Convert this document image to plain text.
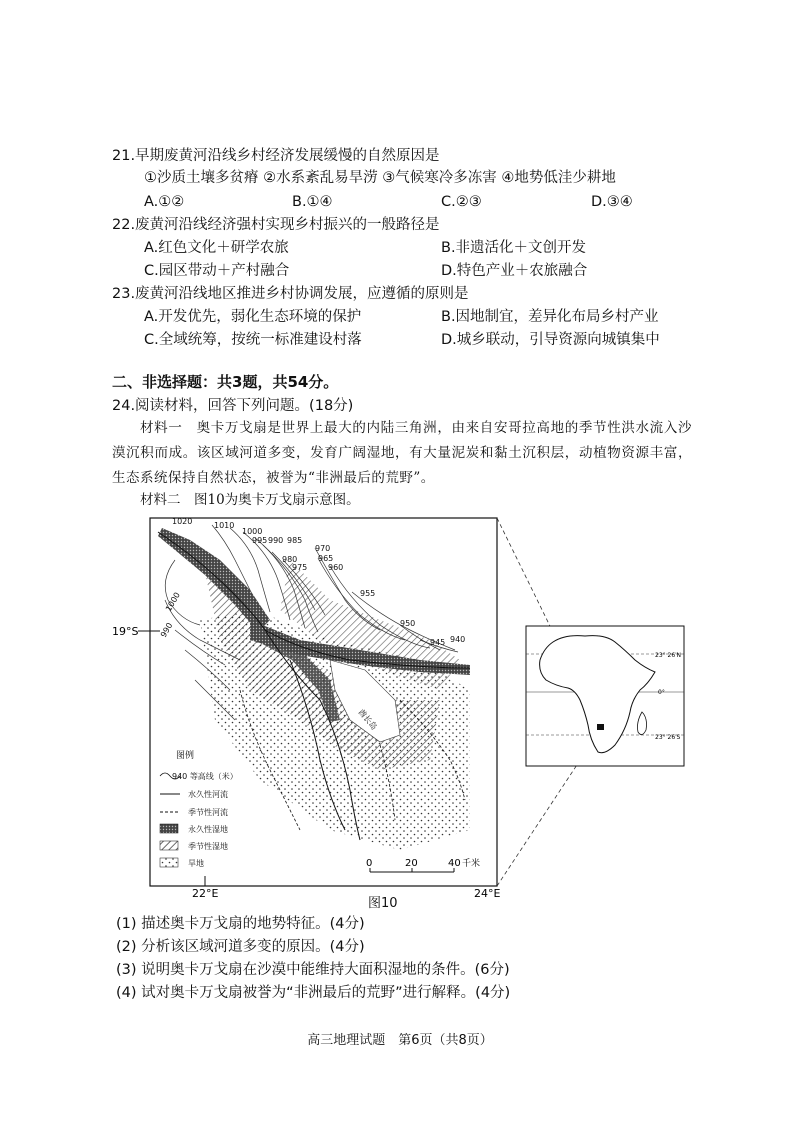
21.早期废黄河沿线乡村经济发展缓慢的自然原因是
①沙质土壤多贫瘠 ②水系紊乱易旱涝 ③气候寒冷多冻害 ④地势低洼少耕地
A.①②	B.①④	C.②③	D.③④
22.废黄河沿线经济强村实现乡村振兴的一般路径是
A.红色文化＋研学农旅	B.非遗活化＋文创开发
C.园区带动＋产村融合	D.特色产业＋农旅融合
23.废黄河沿线地区推进乡村协调发展，应遵循的原则是
A.开发优先，弱化生态环境的保护	B.因地制宜，差异化布局乡村产业
C.全域统筹，按统一标准建设村落	D.城乡联动，引导资源向城镇集中
二、非选择题：共3题，共54分。
24.阅读材料，回答下列问题。(18分)
材料一　奥卡万戈扇是世界上最大的内陆三角洲，由来自安哥拉高地的季节性洪水流入沙漠沉积而成。该区域河道多变，发育广阔湿地，有大量泥炭和黏土沉积层，动植物资源丰富，生态系统保持自然状态，被誉为“非洲最后的荒野”。
材料二　图10为奥卡万戈扇示意图。
酋长岛
1020	1010
1000
995 990 985
980
975
970
965
960
955
950
945 940
1000
990
19°S
22°E	24°E
图例
940 等高线（米）
水久性河流
季节性河流
永久性湿地
季节性湿地
旱地	0	20	40 千米
23° 26′N
0°
23° 26′S
图10
(1) 描述奥卡万戈扇的地势特征。(4分)
(2) 分析该区域河道多变的原因。(4分)
(3) 说明奥卡万戈扇在沙漠中能维持大面积湿地的条件。(6分)
(4) 试对奥卡万戈扇被誉为“非洲最后的荒野”进行解释。(4分)
高三地理试题　第6页（共8页）
